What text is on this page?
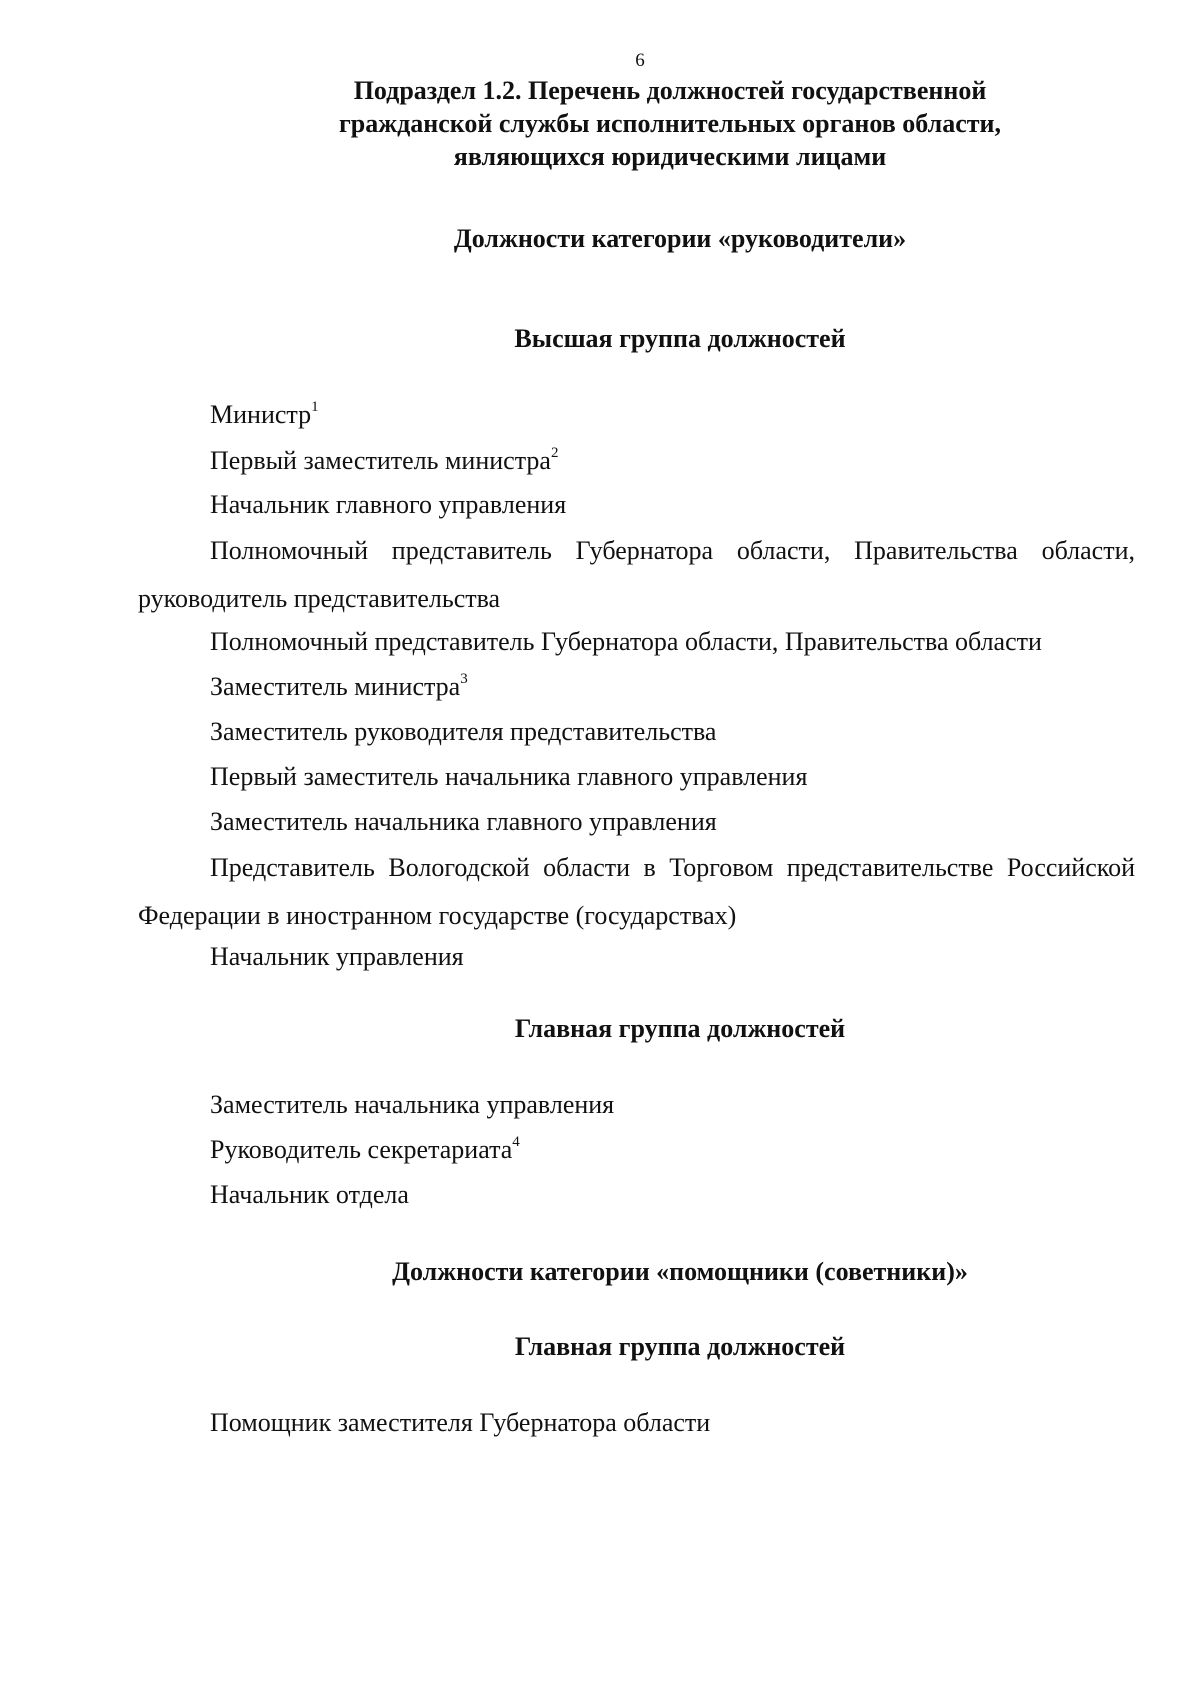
6
Подраздел 1.2. Перечень должностей государственной
гражданской службы исполнительных органов области,
являющихся юридическими лицами
Должности категории «руководители»
Высшая группа должностей
Министр$^1$
Первый заместитель министра$^2$
Начальник главного управления
Полномочный представитель Губернатора области, Правительства области, руководитель представительства
Полномочный представитель Губернатора области, Правительства области
Заместитель министра$^3$
Заместитель руководителя представительства
Первый заместитель начальника главного управления
Заместитель начальника главного управления
Представитель Вологодской области в Торговом представительстве Российской Федерации в иностранном государстве (государствах)
Начальник управления
Главная группа должностей
Заместитель начальника управления
Руководитель секретариата$^4$
Начальник отдела
Должности категории «помощники (советники)»
Главная группа должностей
Помощник заместителя Губернатора области
